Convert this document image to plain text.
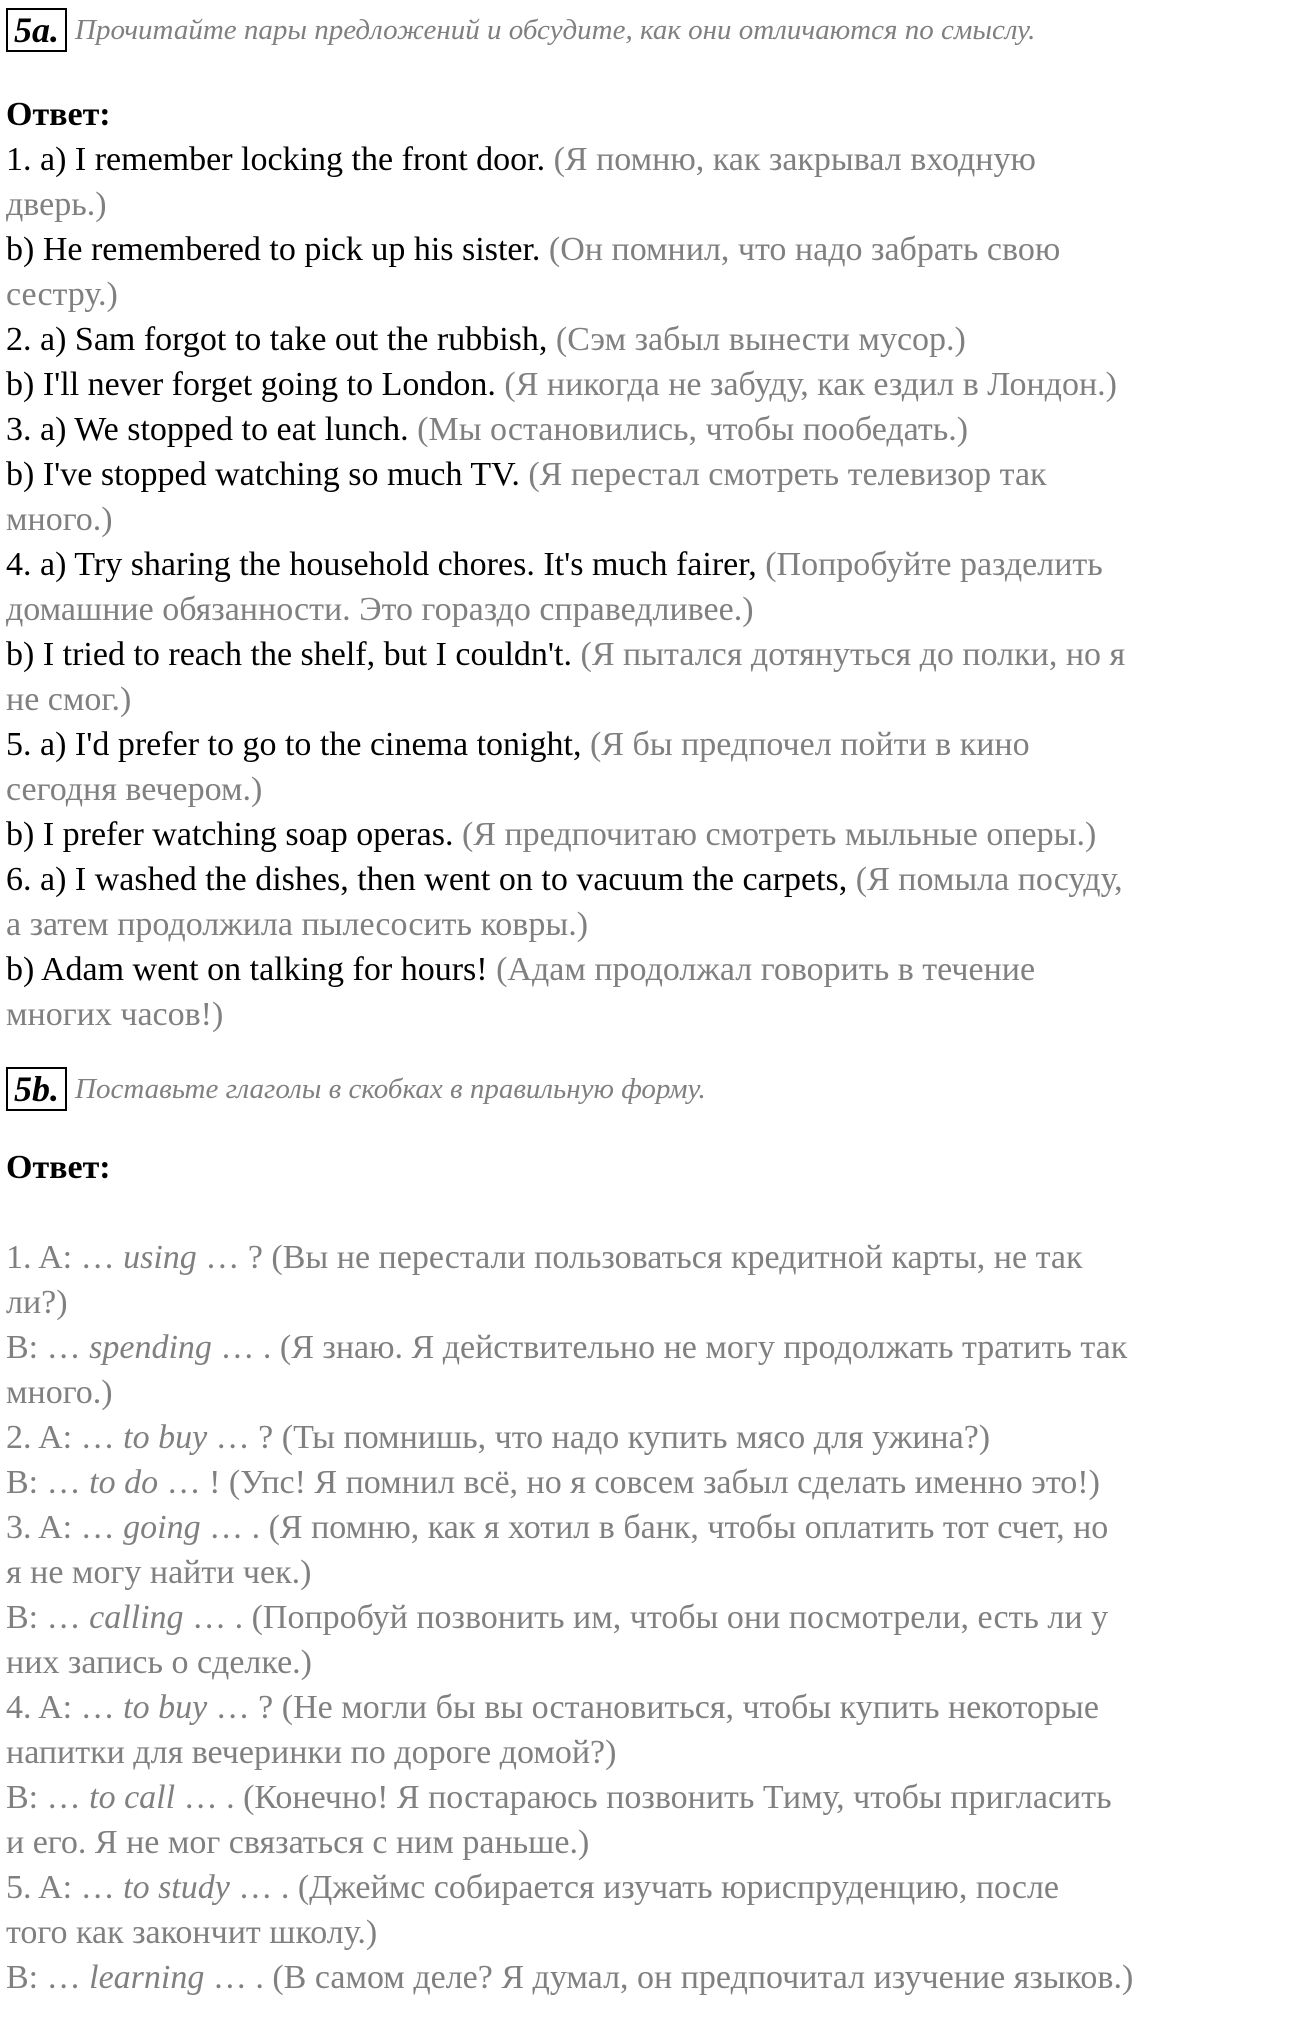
5a. Прочитайте пары предложений и обсудите, как они отличаются по смыслу.
Ответ:
1. a) I remember locking the front door. (Я помню, как закрывал входную
дверь.)
b) He remembered to pick up his sister. (Он помнил, что надо забрать свою
сестру.)
2. a) Sam forgot to take out the rubbish, (Сэм забыл вынести мусор.)
b) I'll never forget going to London. (Я никогда не забуду, как ездил в Лондон.)
3. a) We stopped to eat lunch. (Мы остановились, чтобы пообедать.)
b) I've stopped watching so much TV. (Я перестал смотреть телевизор так
много.)
4. a) Try sharing the household chores. It's much fairer, (Попробуйте разделить
домашние обязанности. Это гораздо справедливее.)
b) I tried to reach the shelf, but I couldn't. (Я пытался дотянуться до полки, но я
не смог.)
5. a) I'd prefer to go to the cinema tonight, (Я бы предпочел пойти в кино
сегодня вечером.)
b) I prefer watching soap operas. (Я предпочитаю смотреть мыльные оперы.)
6. a) I washed the dishes, then went on to vacuum the carpets, (Я помыла посуду,
а затем продолжила пылесосить ковры.)
b) Adam went on talking for hours! (Адам продолжал говорить в течение
многих часов!)
5b. Поставьте глаголы в скобках в правильную форму.
Ответ:
1. A: … using … ? (Вы не перестали пользоваться кредитной карты, не так
ли?)
B: … spending … . (Я знаю. Я действительно не могу продолжать тратить так
много.)
2. A: … to buy … ? (Ты помнишь, что надо купить мясо для ужина?)
B: … to do … ! (Упс! Я помнил всё, но я совсем забыл сделать именно это!)
3. A: … going … . (Я помню, как я хотил в банк, чтобы оплатить тот счет, но
я не могу найти чек.)
B: … calling … . (Попробуй позвонить им, чтобы они посмотрели, есть ли у
них запись о сделке.)
4. A: … to buy … ? (Не могли бы вы остановиться, чтобы купить некоторые
напитки для вечеринки по дороге домой?)
B: … to call … . (Конечно! Я постараюсь позвонить Тиму, чтобы пригласить
и его. Я не мог связаться с ним раньше.)
5. A: … to study … . (Джеймс собирается изучать юриспруденцию, после
того как закончит школу.)
B: … learning … . (В самом деле? Я думал, он предпочитал изучение языков.)
